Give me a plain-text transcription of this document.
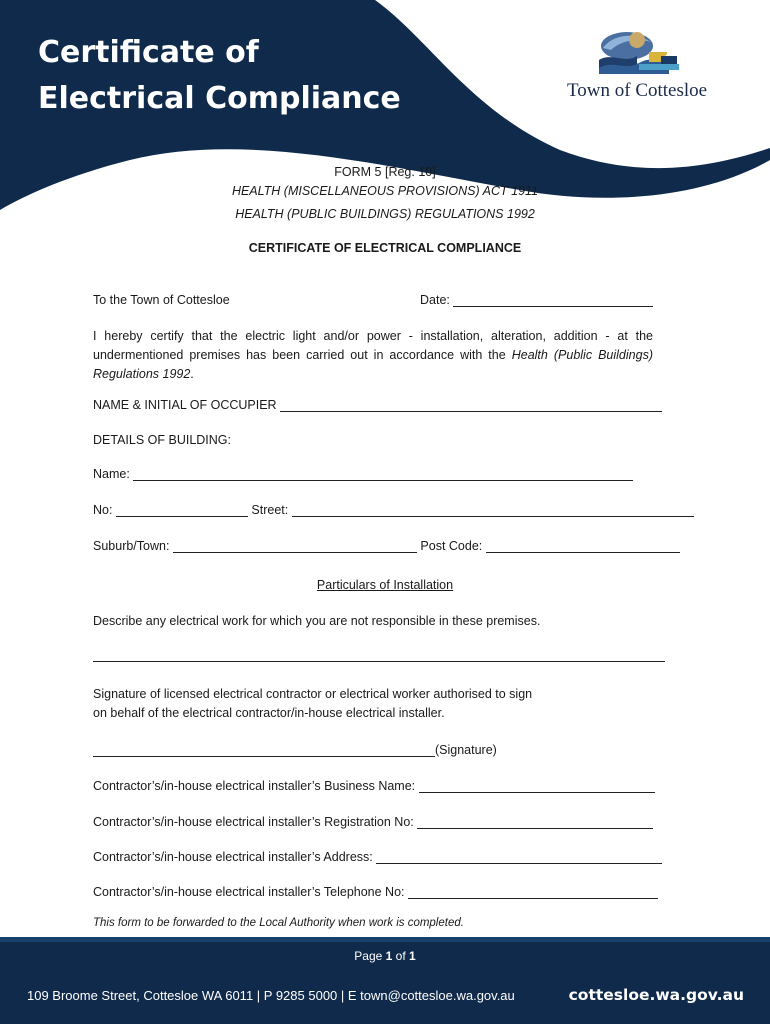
Certificate of
Electrical Compliance	Town of Cottesloe

FORM 5 [Reg. 10]

HEALTH (MISCELLANEOUS PROVISIONS) ACT 1911

HEALTH (PUBLIC BUILDINGS) REGULATIONS 1992

CERTIFICATE OF ELECTRICAL COMPLIANCE

To the Town of Cottesloe	Date:

I hereby certify that the electric light and/or power - installation, alteration, addition - at the undermentioned premises has been carried out in accordance with the Health (Public Buildings) Regulations 1992.

NAME & INITIAL OF OCCUPIER
DETAILS OF BUILDING:
Name:
No:	Street:
Suburb/Town:	Post Code:
Particulars of Installation
Describe any electrical work for which you are not responsible in these premises.

Signature of licensed electrical contractor or electrical worker authorised to sign
on behalf of the electrical contractor/in-house electrical installer.

(Signature)
Contractor’s/in-house electrical installer’s Business Name:
Contractor’s/in-house electrical installer’s Registration No:
Contractor’s/in-house electrical installer’s Address:
Contractor’s/in-house electrical installer’s Telephone No:
This form to be forwarded to the Local Authority when work is completed.
Page 1 of 1
109 Broome Street, Cottesloe WA 6011 | P 9285 5000 | E town@cottesloe.wa.gov.au	cottesloe.wa.gov.au
